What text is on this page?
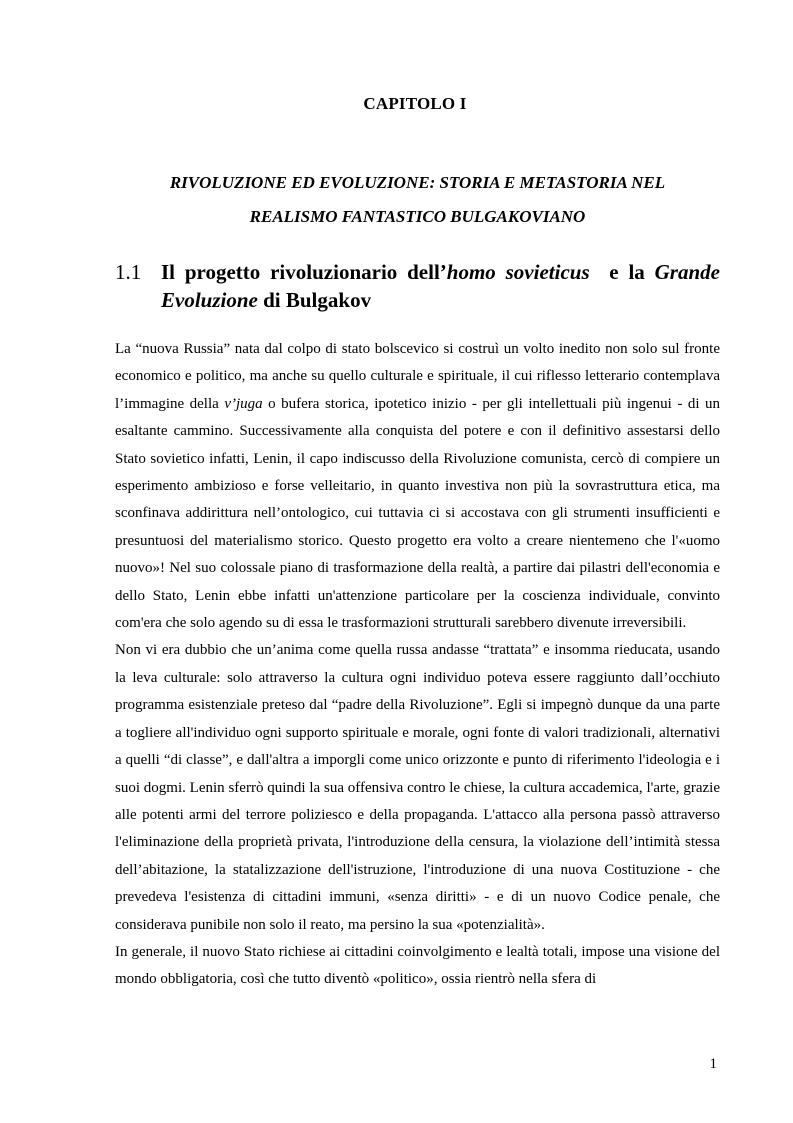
CAPITOLO I
RIVOLUZIONE ED EVOLUZIONE: STORIA E METASTORIA NEL
REALISMO FANTASTICO BULGAKOVIANO
1.1 Il progetto rivoluzionario dell’homo sovieticus  e la Grande Evoluzione di Bulgakov

La “nuova Russia” nata dal colpo di stato bolscevico si costruì un volto inedito non solo sul fronte economico e politico, ma anche su quello culturale e spirituale, il cui riflesso letterario contemplava l’immagine della v’juga o bufera storica, ipotetico inizio - per gli intellettuali più ingenui - di un esaltante cammino. Successivamente alla conquista del potere e con il definitivo assestarsi dello Stato sovietico infatti, Lenin, il capo indiscusso della Rivoluzione comunista, cercò di compiere un esperimento ambizioso e forse velleitario, in quanto investiva non più la sovrastruttura etica, ma sconfinava addirittura nell’ontologico, cui tuttavia ci si accostava con gli strumenti insufficienti e presuntuosi del materialismo storico. Questo progetto era volto a creare nientemeno che l'«uomo nuovo»! Nel suo colossale piano di trasformazione della realtà, a partire dai pilastri dell'economia e dello Stato, Lenin ebbe infatti un'attenzione particolare per la coscienza individuale, convinto com'era che solo agendo su di essa le trasformazioni strutturali sarebbero divenute irreversibili.

Non vi era dubbio che un’anima come quella russa andasse “trattata” e insomma rieducata, usando la leva culturale: solo attraverso la cultura ogni individuo poteva essere raggiunto dall’occhiuto programma esistenziale preteso dal “padre della Rivoluzione”. Egli si impegnò dunque da una parte a togliere all'individuo ogni supporto spirituale e morale, ogni fonte di valori tradizionali, alternativi a quelli “di classe”, e dall'altra a imporgli come unico orizzonte e punto di riferimento l'ideologia e i suoi dogmi. Lenin sferrò quindi la sua offensiva contro le chiese, la cultura accademica, l'arte, grazie alle potenti armi del terrore poliziesco e della propaganda. L'attacco alla persona passò attraverso l'eliminazione della proprietà privata, l'introduzione della censura, la violazione dell’intimità stessa dell’abitazione, la statalizzazione dell'istruzione, l'introduzione di una nuova Costituzione - che prevedeva l'esistenza di cittadini immuni, «senza diritti» - e di un nuovo Codice penale, che considerava punibile non solo il reato, ma persino la sua «potenzialità».

In generale, il nuovo Stato richiese ai cittadini coinvolgimento e lealtà totali, impose una visione del mondo obbligatoria, così che tutto diventò «politico», ossia rientrò nella sfera di

1
